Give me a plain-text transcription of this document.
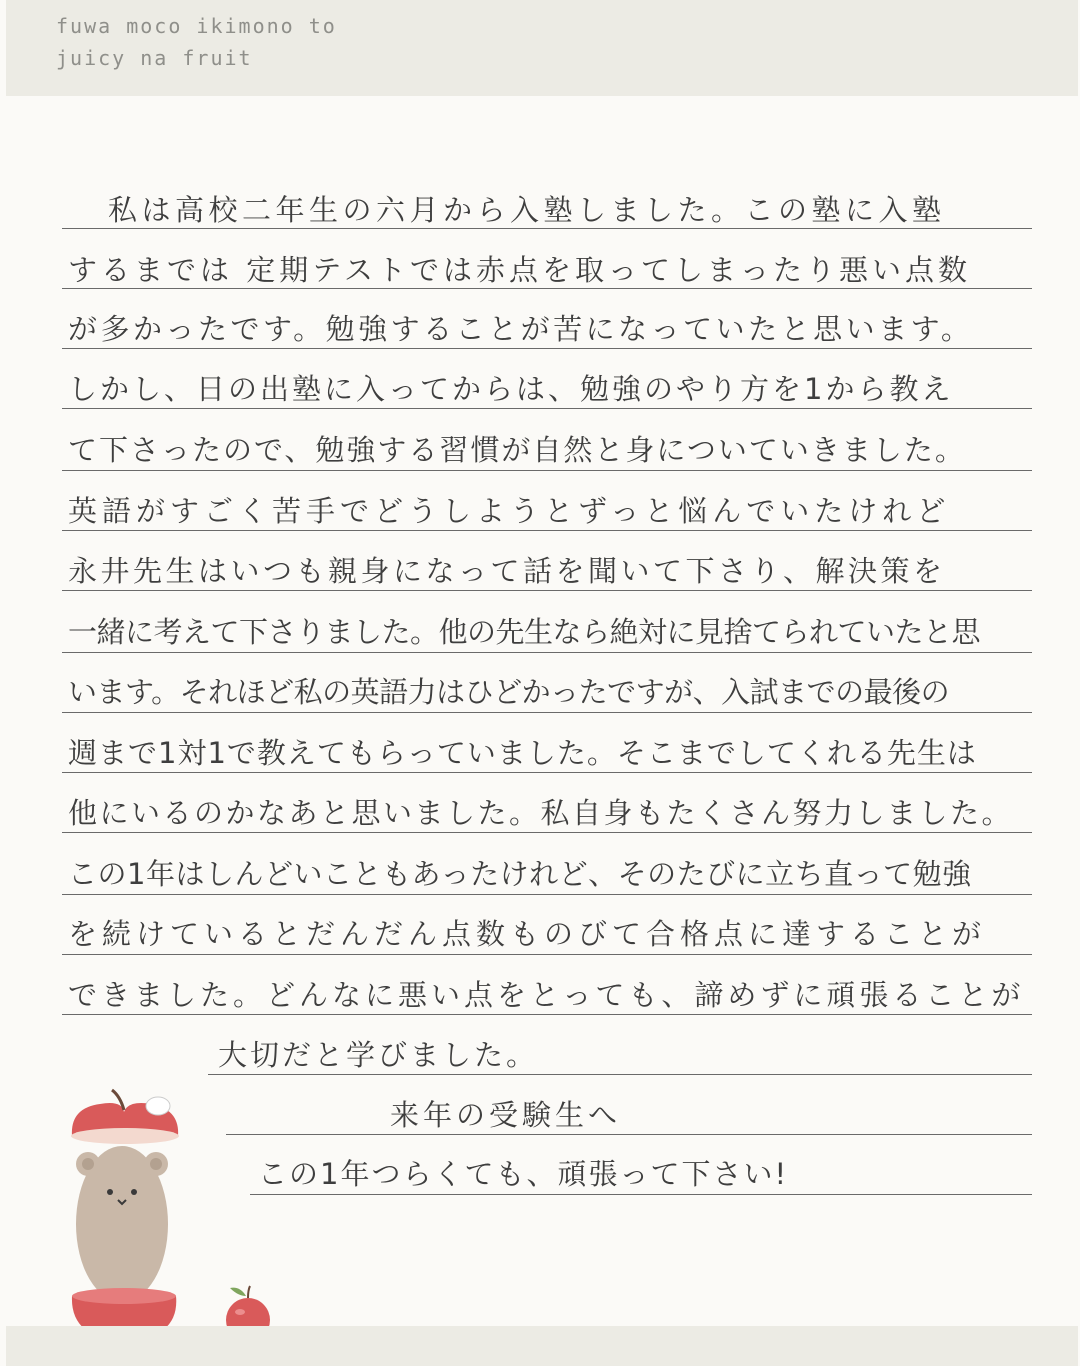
fuwa moco ikimono to
juicy na fruit
私は高校二年生の六月から入塾しました。この塾に入塾
するまでは 定期テストでは赤点を取ってしまったり悪い点数
が多かったです。勉強することが苦になっていたと思います。
しかし、日の出塾に入ってからは、勉強のやり方を1から教え
て下さったので、勉強する習慣が自然と身についていきました。
英語がすごく苦手でどうしようとずっと悩んでいたけれど
永井先生はいつも親身になって話を聞いて下さり、解決策を
一緒に考えて下さりました。他の先生なら絶対に見捨てられていたと思
います。それほど私の英語力はひどかったですが、入試までの最後の
週まで1対1で教えてもらっていました。そこまでしてくれる先生は
他にいるのかなあと思いました。私自身もたくさん努力しました。
この1年はしんどいこともあったけれど、そのたびに立ち直って勉強
を続けているとだんだん点数ものびて合格点に達することが
できました。どんなに悪い点をとっても、諦めずに頑張ることが
大切だと学びました。
来年の受験生へ
この1年つらくても、頑張って下さい!
